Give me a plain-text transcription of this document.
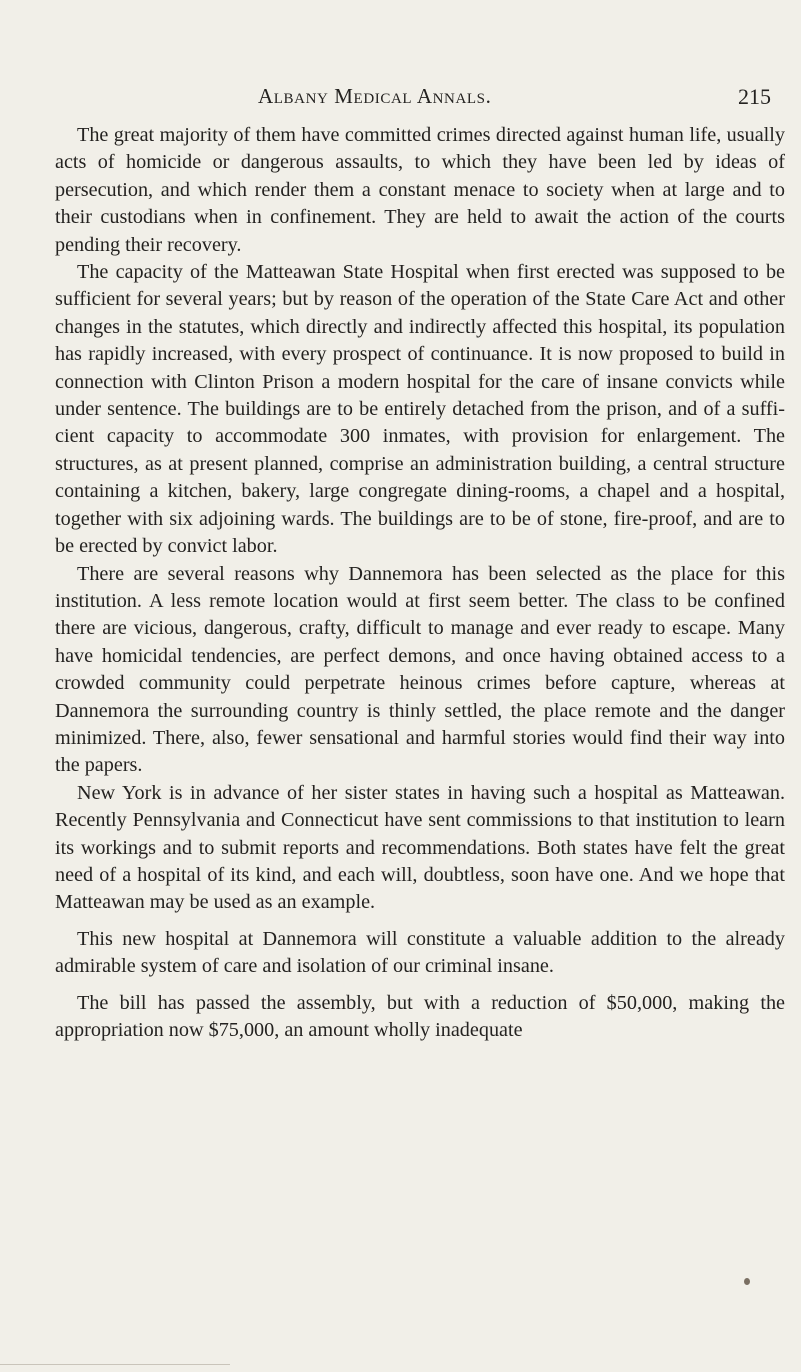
Albany Medical Annals.	215

The great majority of them have committed crimes directed against human life, usually acts of homicide or dangerous assaults, to which they have been led by ideas of persecution, and which render them a constant menace to society when at large and to their custodians when in confinement. They are held to await the action of the courts pending their recovery.

The capacity of the Matteawan State Hospital when first erected was supposed to be sufficient for several years; but by reason of the operation of the State Care Act and other changes in the statutes, which directly and indirectly affected this hospital, its population has rapidly increased, with every prospect of continuance. It is now proposed to build in connection with Clinton Prison a modern hospital for the care of insane convicts while under sentence. The buildings are to be entirely detached from the prison, and of a sufficient capacity to accommodate 300 inmates, with provision for enlargement. The structures, as at present planned, comprise an administration building, a central structure containing a kitchen, bakery, large congregate dining-rooms, a chapel and a hospital, together with six adjoining wards. The buildings are to be of stone, fire-proof, and are to be erected by convict labor.

There are several reasons why Dannemora has been selected as the place for this institution. A less remote location would at first seem better. The class to be confined there are vicious, dangerous, crafty, difficult to manage and ever ready to escape. Many have homicidal tendencies, are perfect demons, and once having obtained access to a crowded community could perpetrate heinous crimes before capture, whereas at Dannemora the surrounding country is thinly settled, the place remote and the danger minimized. There, also, fewer sensational and harmful stories would find their way into the papers.

New York is in advance of her sister states in having such a hospital as Matteawan. Recently Pennsylvania and Connecticut have sent commissions to that institution to learn its workings and to submit reports and recommendations. Both states have felt the great need of a hospital of its kind, and each will, doubtless, soon have one. And we hope that Matteawan may be used as an example.

This new hospital at Dannemora will constitute a valuable addition to the already admirable system of care and isolation of our criminal insane.

The bill has passed the assembly, but with a reduction of $50,000, making the appropriation now $75,000, an amount wholly inadequate
